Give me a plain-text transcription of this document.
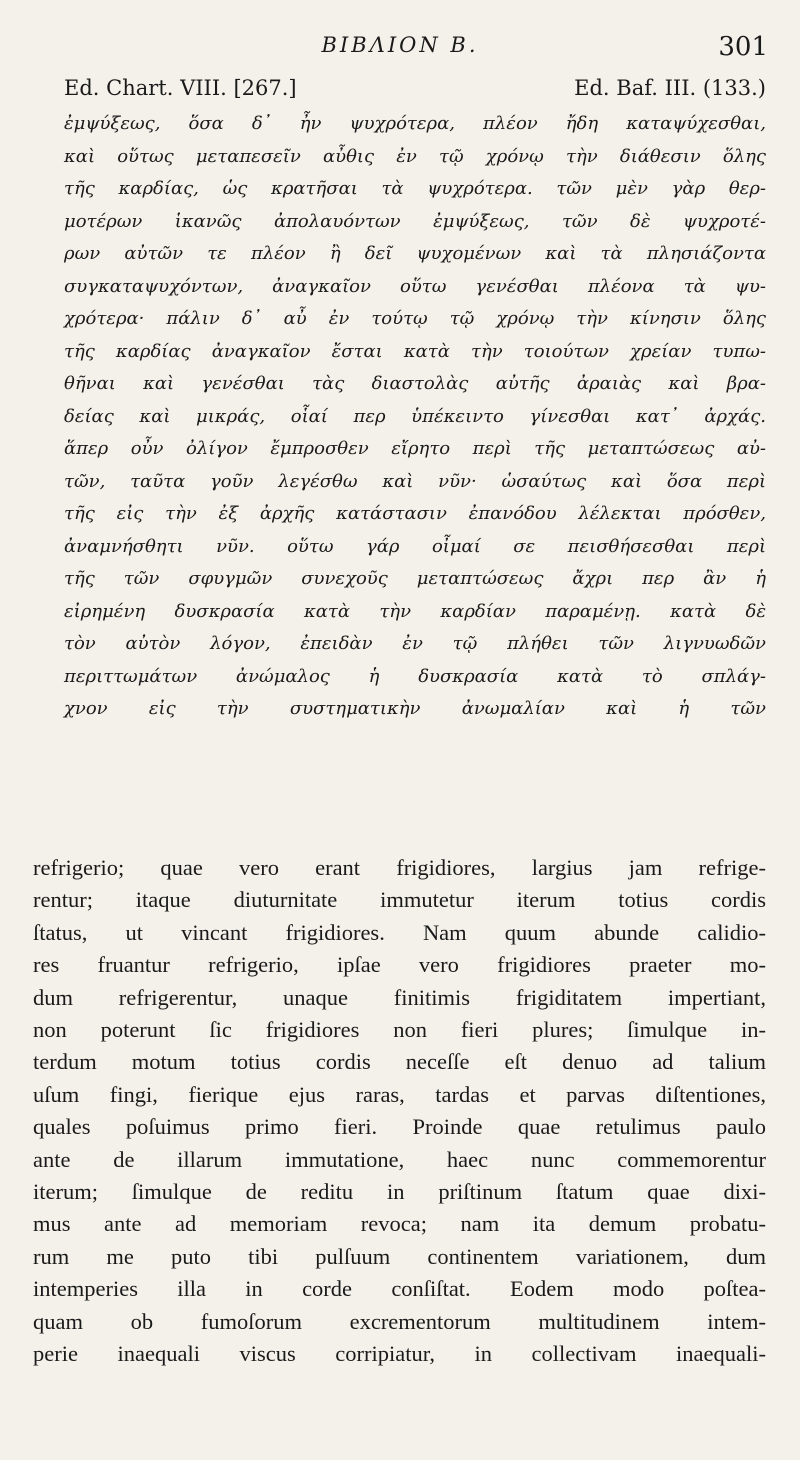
BIBΛION B.	301
Ed. Chart. VIII. [267.]	Ed. Baf. III. (133.)
ἐμψύξεως, ὅσα δ᾽ ἦν ψυχρότερα, πλέον ἤδη καταψύχεσθαι,
καὶ οὕτως μεταπεσεῖν αὖθις ἐν τῷ χρόνῳ τὴν διάθεσιν ὅλης
τῆς καρδίας, ὡς κρατῆσαι τὰ ψυχρότερα. τῶν μὲν γὰρ θερ-
μοτέρων ἱκανῶς ἀπολαυόντων ἐμψύξεως, τῶν δὲ ψυχροτέ-
ρων αὐτῶν τε πλέον ἢ δεῖ ψυχομένων καὶ τὰ πλησιάζοντα
συγκαταψυχόντων, ἀναγκαῖον οὕτω γενέσθαι πλέονα τὰ ψυ-
χρότερα· πάλιν δ᾽ αὖ ἐν τούτῳ τῷ χρόνῳ τὴν κίνησιν ὅλης
τῆς καρδίας ἀναγκαῖον ἔσται κατὰ τὴν τοιούτων χρείαν τυπω-
θῆναι καὶ γενέσθαι τὰς διαστολὰς αὐτῆς ἀραιὰς καὶ βρα-
δείας καὶ μικράς, οἷαί περ ὑπέκειντο γίνεσθαι κατ᾽ ἀρχάς.
ἅπερ οὖν ὀλίγον ἔμπροσθεν εἴρητο περὶ τῆς μεταπτώσεως αὐ-
τῶν, ταῦτα γοῦν λεγέσθω καὶ νῦν· ὡσαύτως καὶ ὅσα περὶ
τῆς εἰς τὴν ἐξ ἀρχῆς κατάστασιν ἐπανόδου λέλεκται πρόσθεν,
ἀναμνήσθητι νῦν. οὕτω γάρ οἶμαί σε πεισθήσεσθαι περὶ
τῆς τῶν σφυγμῶν συνεχοῦς μεταπτώσεως ἄχρι περ ἂν ἡ
εἰρημένη δυσκρασία κατὰ τὴν καρδίαν παραμένῃ. κατὰ δὲ
τὸν αὐτὸν λόγον, ἐπειδὰν ἐν τῷ πλήθει τῶν λιγνυωδῶν
περιττωμάτων ἀνώμαλος ἡ δυσκρασία κατὰ τὸ σπλάγ-
χνον εἰς τὴν συστηματικὴν ἀνωμαλίαν καὶ ἡ τῶν
refrigerio; quae vero erant frigidiores, largius jam refrige-
rentur; itaque diuturnitate immutetur iterum totius cordis
ſtatus, ut vincant frigidiores. Nam quum abunde calidio-
res fruantur refrigerio, ipſae vero frigidiores praeter mo-
dum refrigerentur, unaque finitimis frigiditatem impertiant,
non poterunt ſic frigidiores non fieri plures; ſimulque in-
terdum motum totius cordis neceſſe eſt denuo ad talium
uſum fingi, fierique ejus raras, tardas et parvas diſtentiones,
quales poſuimus primo fieri. Proinde quae retulimus paulo
ante de illarum immutatione, haec nunc commemorentur
iterum; ſimulque de reditu in priſtinum ſtatum quae dixi-
mus ante ad memoriam revoca; nam ita demum probatu-
rum me puto tibi pulſuum continentem variationem, dum
intemperies illa in corde conſiſtat. Eodem modo poſtea-
quam ob fumoſorum excrementorum multitudinem intem-
perie inaequali viscus corripiatur, in collectivam inaequali-
